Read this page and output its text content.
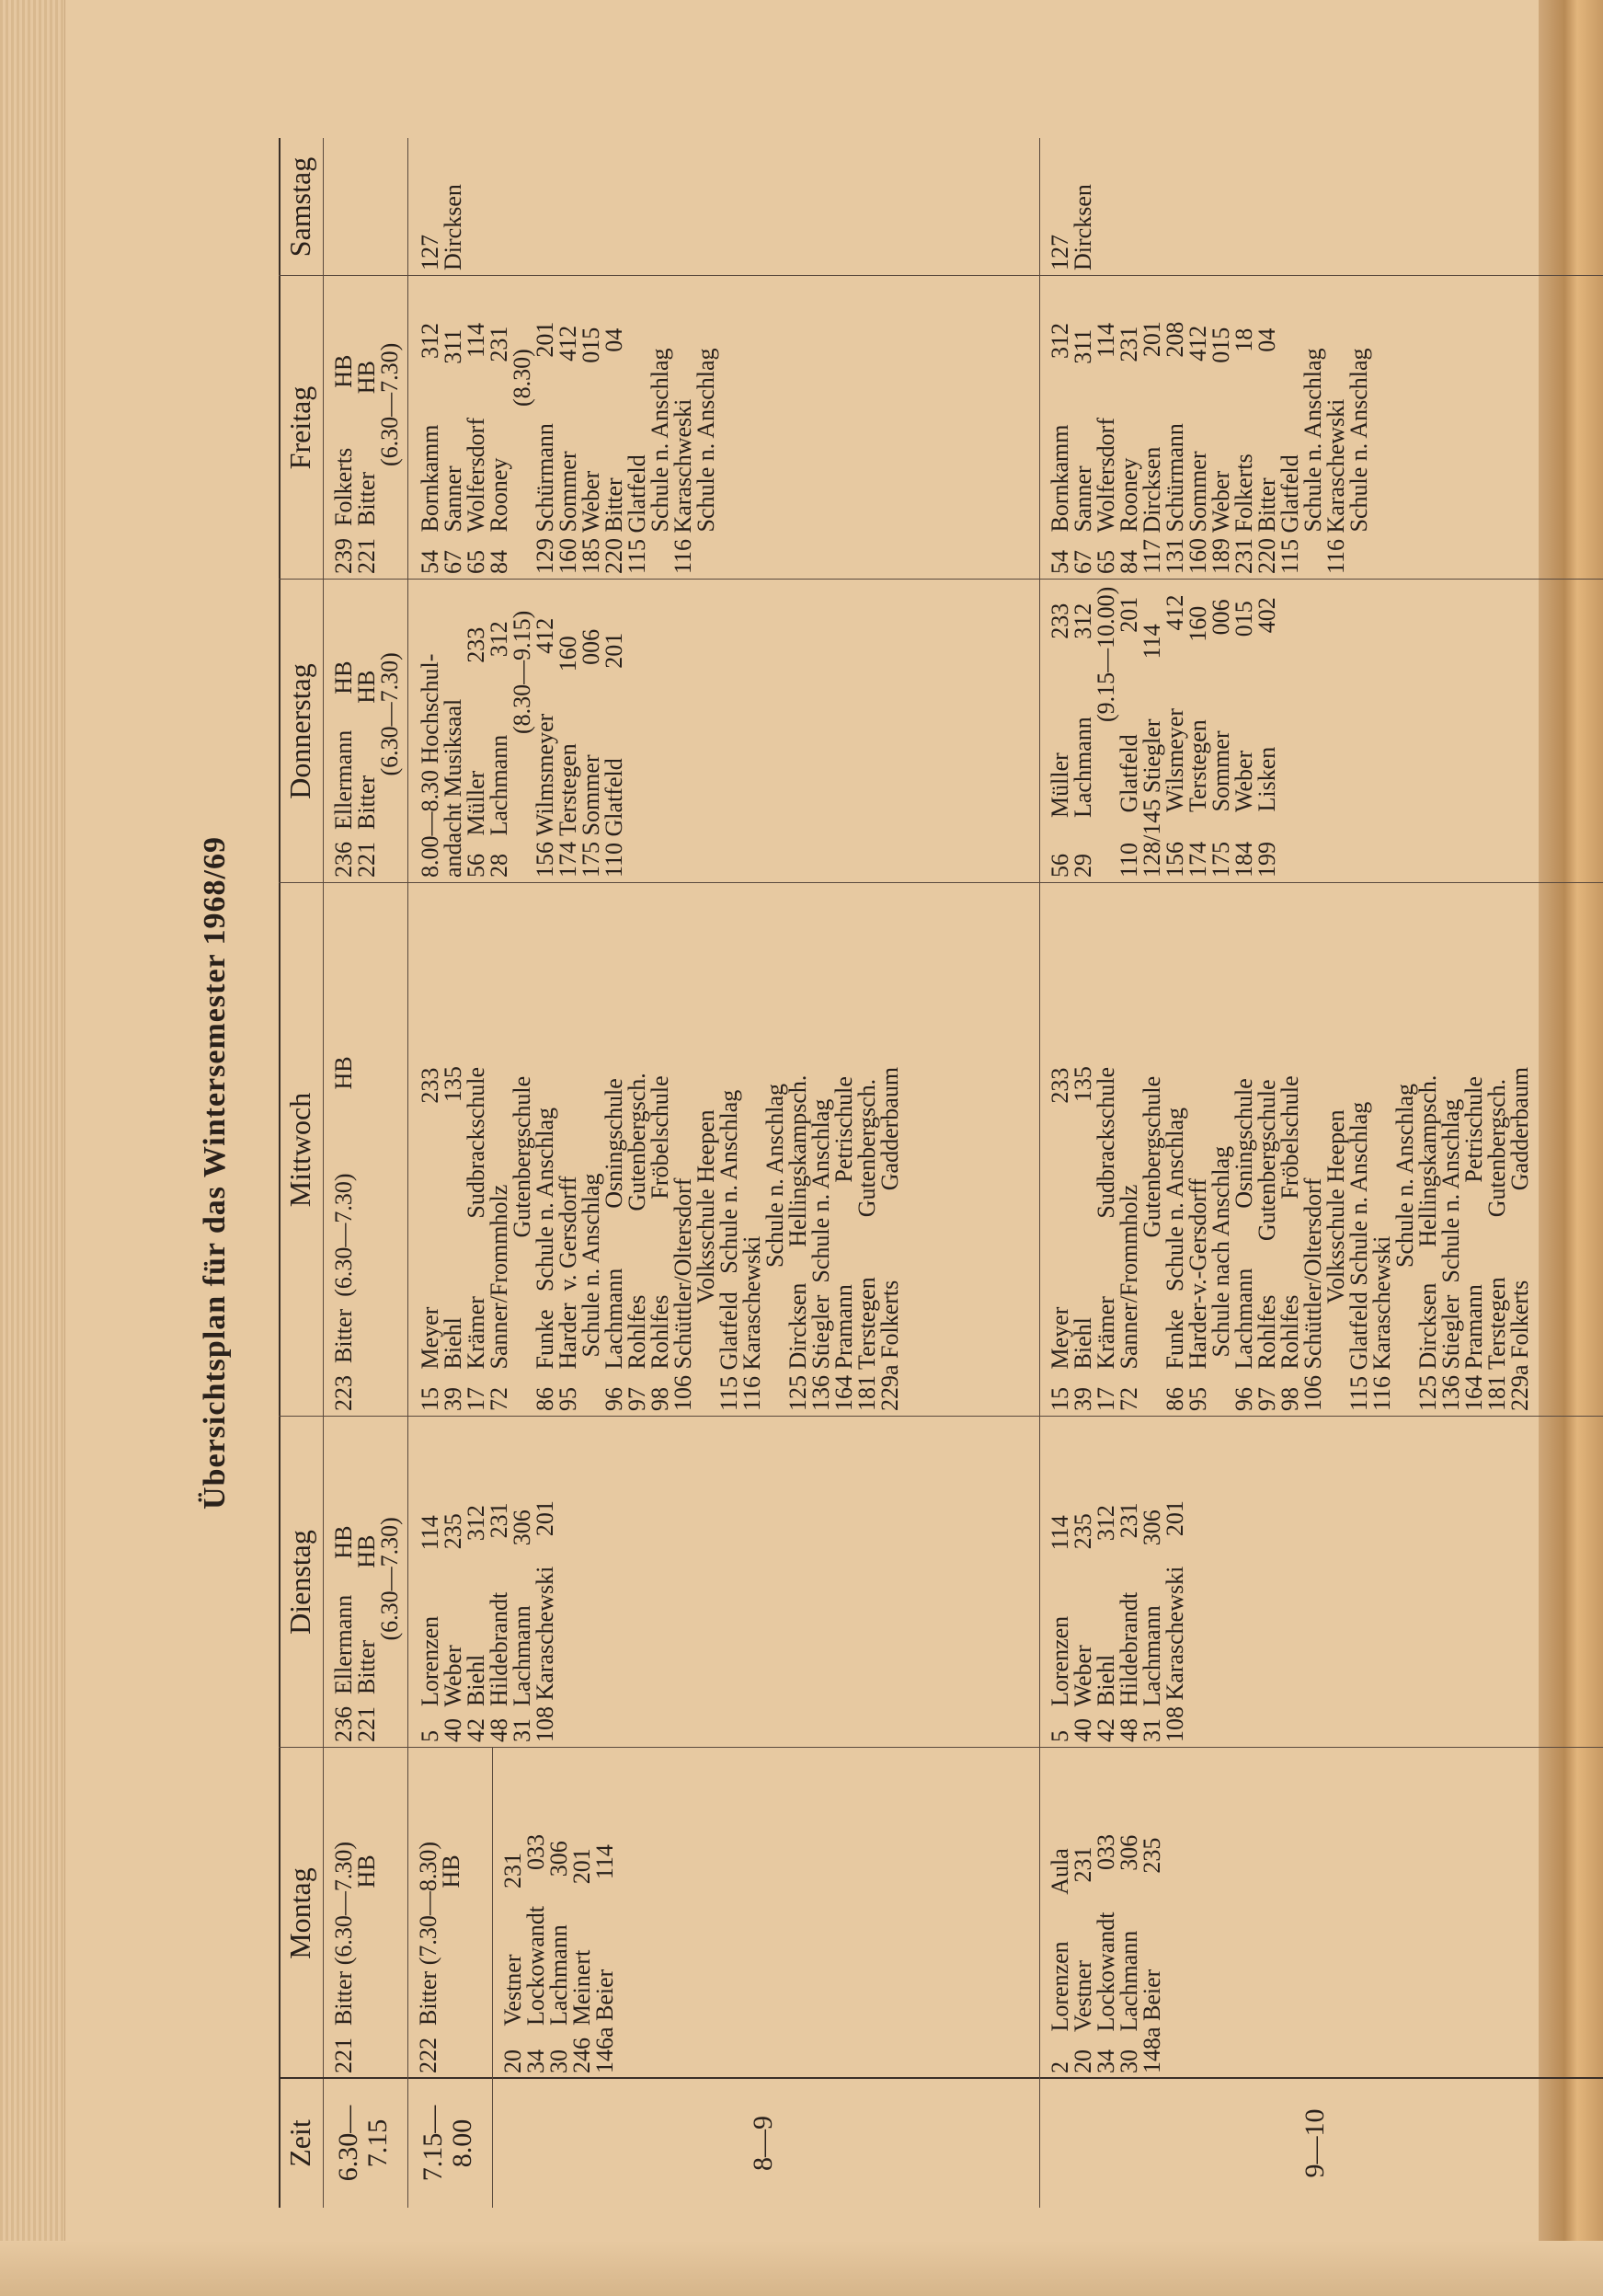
Übersichtsplan für das Wintersemester 1968/69
Zeit
Montag
Dienstag
Mittwoch
Donnerstag
Freitag
Samstag
6.30—
7.15 7.15—
8.00	8—9	9—10
221  Bitter (6.30—7.30)
HB
236  Ellermann      HB
221  Bitter            HB
(6.30—7.30)
223  Bitter  (6.30—7.30)              HB
236  Ellermann      HB
221  Bitter            HB
(6.30—7.30)
239  Folkerts          HB
221  Bitter             HB
(6.30—7.30)
222  Bitter (7.30—8.30)
HB
20    Vestner           231
34    Lockowandt      033
30    Lachmann        306
246  Meinert           201
146a Beier               114
5    Lorenzen           114
40  Weber                235
42  Biehl                   312
48  Hildebrandt         231
31  Lachmann          306
108 Karaschewski     201
15   Meyer                                  233
39   Biehl                                    135
17   Krämer             Sudbrackschule
72   Sanner/Frommholz
Gutenbergschule
86   Funke   Schule n. Anschlag
95   Harder  v. Gersdorff
Schule n. Anschlag
96   Lachmann          Osningschule
97   Rohlfes              Gutenbergsch.
98   Rohlfes                Fröbelschule
106 Schüttler/Oltersdorf
Volksschule Heepen
115 Glatfeld   Schule n. Anschlag
116 Karaschewski
Schule n. Anschlag
125 Dircksen      Hellingskampsch.
136 Stiegler  Schule n. Anschlag
164 Pramann                 Petrischule
181 Terstegen          Gutenbergsch.
229a Folkerts               Gadderbaum
8.00—8.30 Hochschul-
andacht Musiksaal
56   Müller                  233
28   Lachmann             312
(8.30—9.15)
156 Wilmsmeyer          412
174 Terstegen            160
175 Sommer               006
110 Glatfeld               201
54   Bornkamm           312
67   Sanner                 311
65   Wolfersdorf          114
84   Rooney                231
(8.30)
129 Schürmann           201
160 Sommer               412
185 Weber                  015
220 Bitter                     04
115 Glatfeld
Schule n. Anschlag
116 Karaschweski
Schule n. Anschlag
127
Dircksen
2     Lorenzen        Aula
20   Vestner             231
34   Lockowandt       033
30   Lachmann          306
148a Beier                235
5    Lorenzen           114
40  Weber                235
42  Biehl                   312
48  Hildebrandt         231
31  Lachmann          306
108 Karaschewski     201
15   Meyer                                  233
39   Biehl                                    135
17   Krämer             Sudbrackschule
72   Sanner/Frommholz
Gutenbergschule
86   Funke   Schule n. Anschlag
95   Harder-v.-Gersdorff
Schule nach Anschlag
96   Lachmann          Osningschule
97   Rohlfes         Gutenbergschule
98   Rohlfes                Fröbelschule
106 Schüttler/Oltersdorf
Volksschule Heepen
115 Glatfeld Schule n. Anschlag
116 Karaschewski
Schule n. Anschlag
125 Dircksen      Hellingskampsch.
136 Stiegler  Schule n. Anschlag
164 Pramann                 Petrischule
181 Terstegen          Gutenbergsch.
229a Folkerts               Gadderbaum
56      Müller                   233
29      Lachmann             312
(9.15—10.00)
110     Glatfeld                 201
128/145 Stiegler          114
156     Wilsmeyer             412
174     Terstegen             160
175     Sommer                006
184     Weber                   015
199     Lisken                   402
54   Bornkamm           312
67   Sanner                 311
65   Wolfersdorf          114
84   Rooney                231
117 Dircksen               201
131 Schürmann           208
160 Sommer               412
189 Weber                  015
231 Folkerts                 18
220 Bitter                     04
115 Glatfeld
Schule n. Anschlag
116 Karaschewski
Schule n. Anschlag
127
Dircksen
